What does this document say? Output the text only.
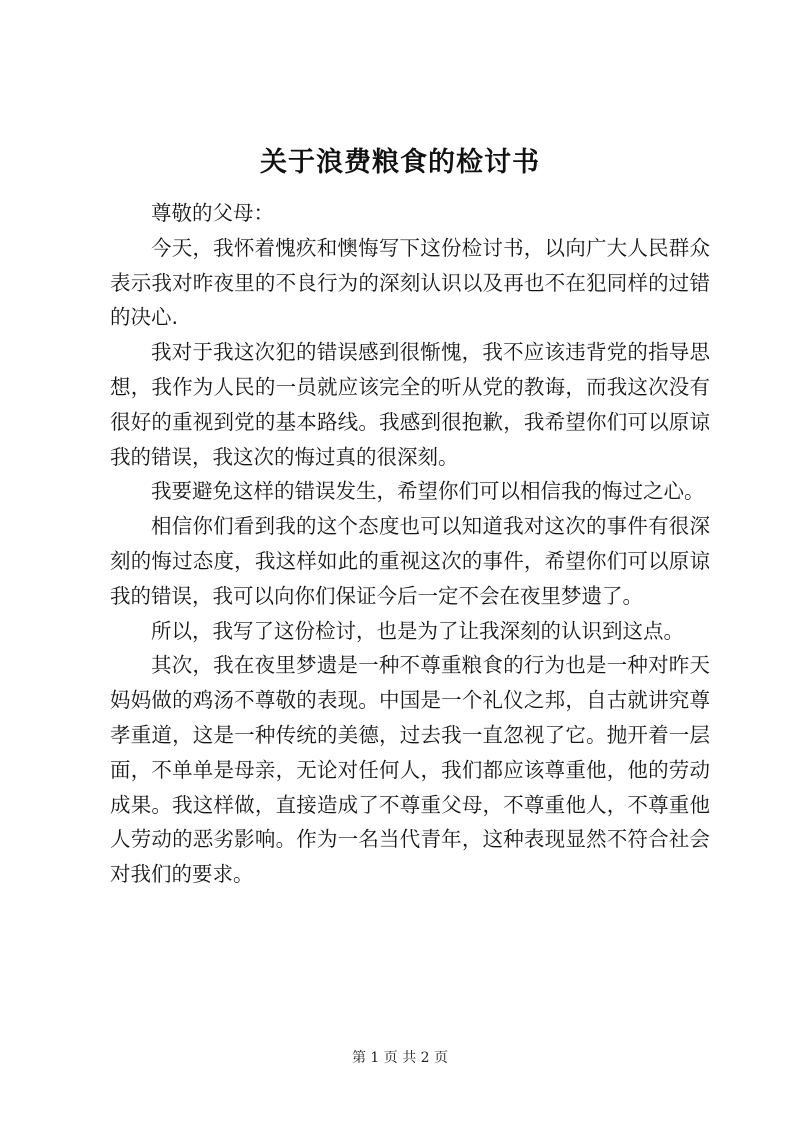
关于浪费粮食的检讨书

尊敬的父母：

今天，我怀着愧疚和懊悔写下这份检讨书，以向广大人民群众表示我对昨夜里的不良行为的深刻认识以及再也不在犯同样的过错的决心.

我对于我这次犯的错误感到很惭愧，我不应该违背党的指导思想，我作为人民的一员就应该完全的听从党的教诲，而我这次没有很好的重视到党的基本路线。我感到很抱歉，我希望你们可以原谅我的错误，我这次的悔过真的很深刻。

我要避免这样的错误发生，希望你们可以相信我的悔过之心。

相信你们看到我的这个态度也可以知道我对这次的事件有很深刻的悔过态度，我这样如此的重视这次的事件，希望你们可以原谅我的错误，我可以向你们保证今后一定不会在夜里梦遗了。

所以，我写了这份检讨，也是为了让我深刻的认识到这点。

其次，我在夜里梦遗是一种不尊重粮食的行为也是一种对昨天妈妈做的鸡汤不尊敬的表现。中国是一个礼仪之邦，自古就讲究尊孝重道，这是一种传统的美德，过去我一直忽视了它。抛开着一层面，不单单是母亲，无论对任何人，我们都应该尊重他，他的劳动成果。我这样做，直接造成了不尊重父母，不尊重他人，不尊重他人劳动的恶劣影响。作为一名当代青年，这种表现显然不符合社会对我们的要求。

第 1 页 共 2 页
